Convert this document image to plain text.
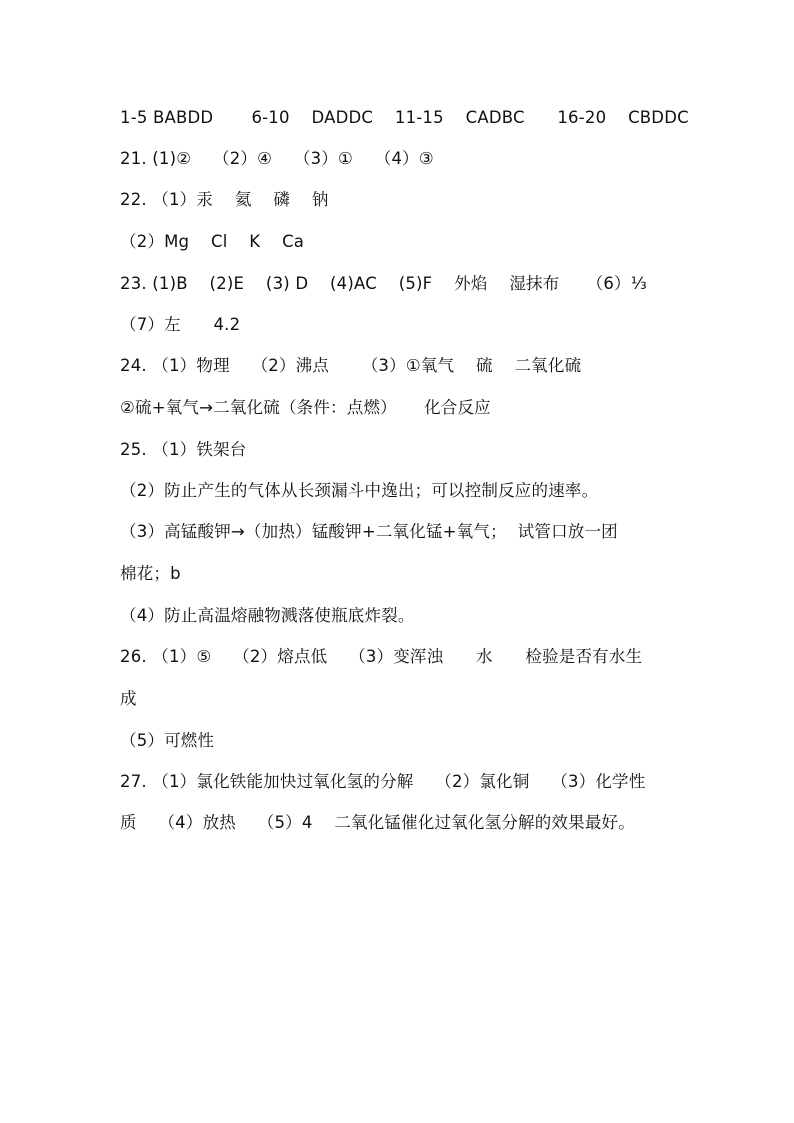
1-5 BABDD       6-10    DADDC    11-15    CADBC      16-20    CBDDC
21. (1)②    （2）④    （3）①    （4）③
22. （1）汞    氦    磷    钠
（2）Mg    Cl    K    Ca
23. (1)B    (2)E    (3) D    (4)AC    (5)F    外焰    湿抹布     （6）⅓
（7）左      4.2
24. （1）物理    （2）沸点      （3）①氧气    硫    二氧化硫
②硫+氧气→二氧化硫（条件：点燃）     化合反应
25. （1）铁架台
（2）防止产生的气体从长颈漏斗中逸出；可以控制反应的速率。
（3）高锰酸钾→（加热）锰酸钾+二氧化锰+氧气；  试管口放一团
棉花；b
（4）防止高温熔融物溅落使瓶底炸裂。
26. （1）⑤    （2）熔点低    （3）变浑浊      水      检验是否有水生
成
（5）可燃性
27. （1）氯化铁能加快过氧化氢的分解    （2）氯化铜    （3）化学性
质    （4）放热    （5）4    二氧化锰催化过氧化氢分解的效果最好。
